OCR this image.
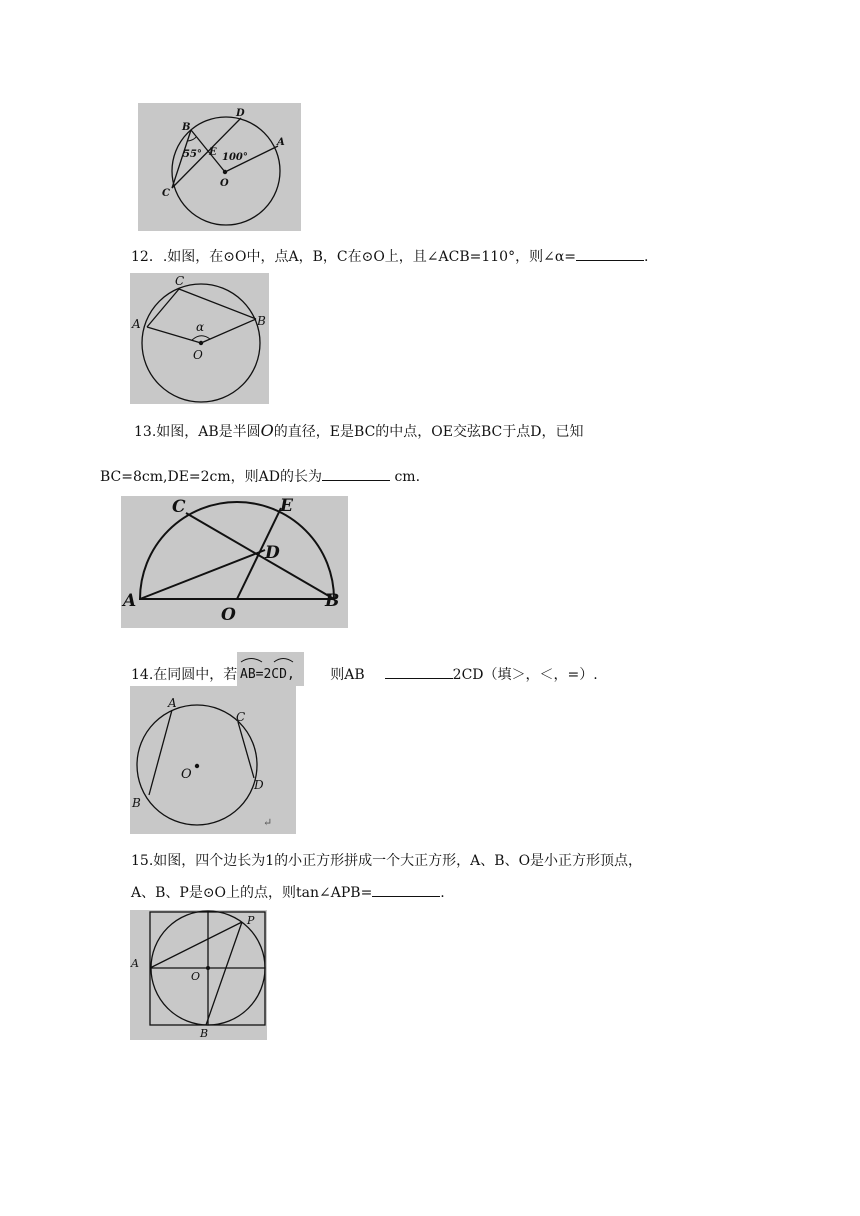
B
D
A
C
E
O
55° 100°
12．.如图，在⊙O中，点A，B，C在⊙O上，且∠ACB=110°，则∠α=	.
C
A	B
O
α
13.如图，AB是半圆O的直径，E是BC的中点，OE交弦BC于点D，已知
BC=8cm,DE=2cm，则AD的长为	cm.
C	E
D
A	B
O
14.在同圆中，若 AB=2CD,	则AB	2CD（填＞，＜，=）.
A
C
O
D
B
↵
15.如图，四个边长为1的小正方形拼成一个大正方形，A、B、O是小正方形顶点，
A、B、P是⊙O上的点，则tan∠APB=	.
A
O
P
B
